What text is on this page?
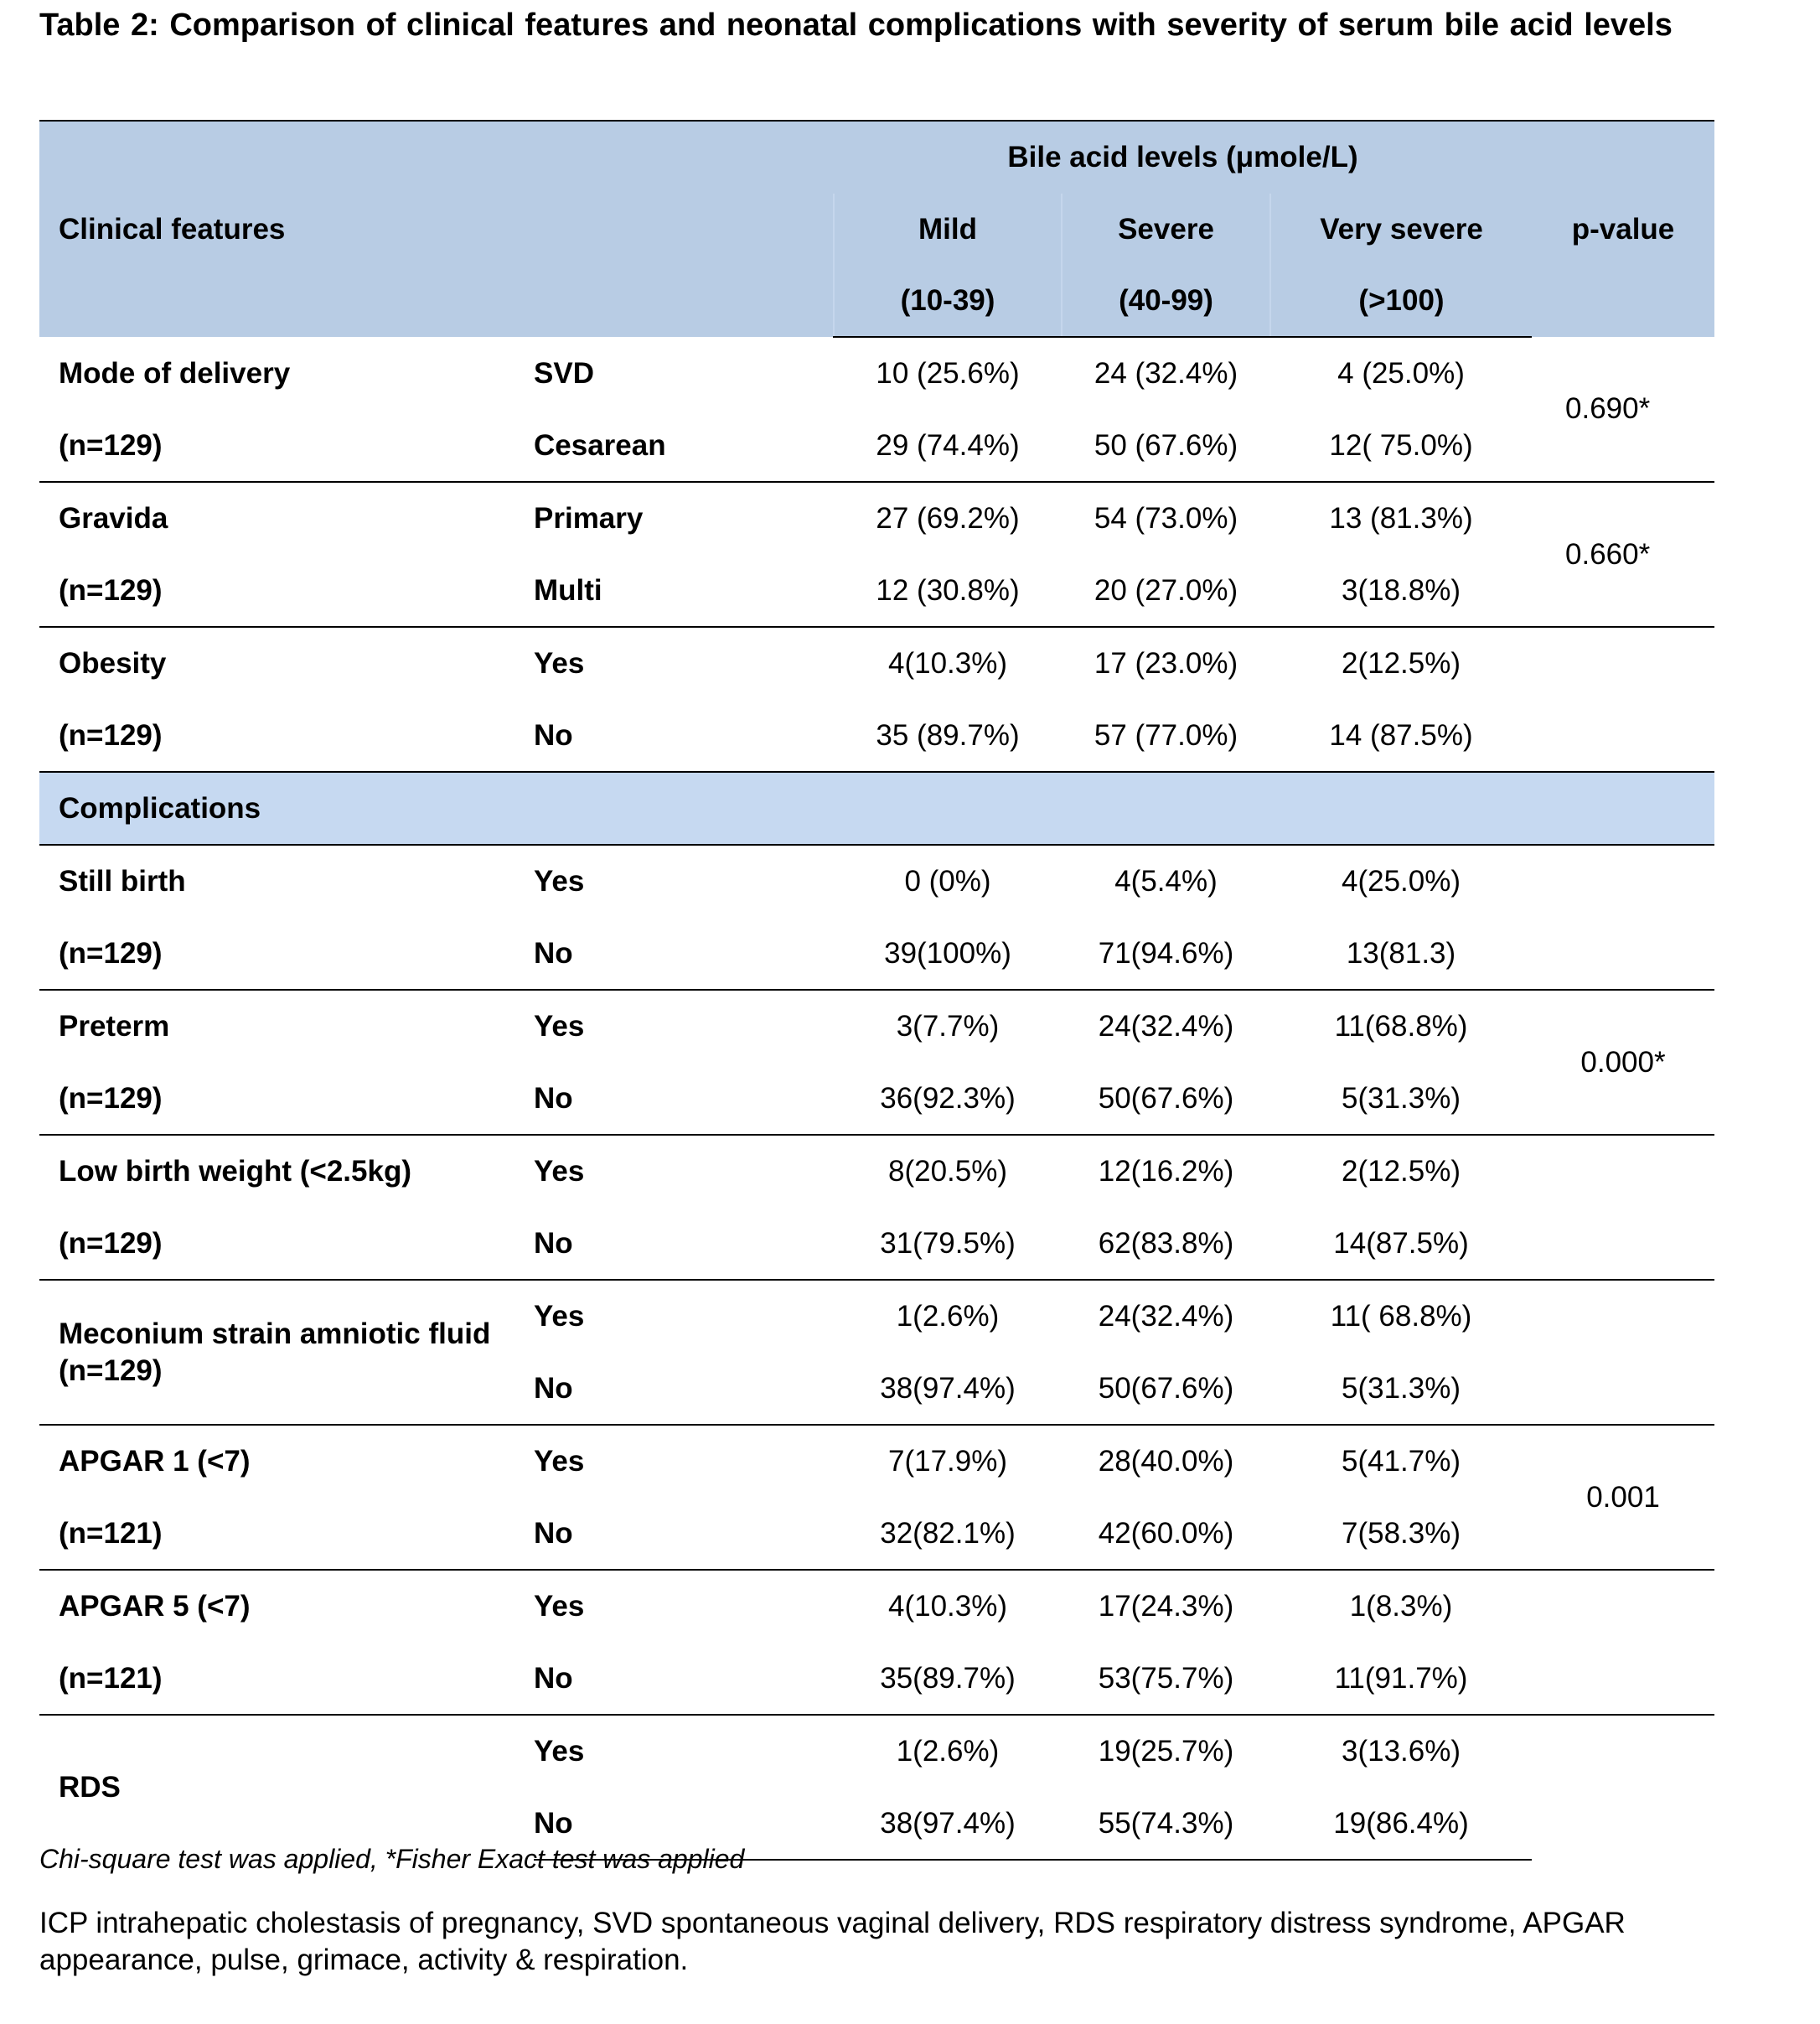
Table 2: Comparison of clinical features and neonatal complications with severity of serum bile acid levels
Clinical features		Bile acid levels (μmole/L)			p-value
		Mild	Severe	Very severe	
		(10-39)	(40-99)	(>100)	
Mode of delivery	SVD	10 (25.6%)	24 (32.4%)	4 (25.0%)	0.690*
(n=129)	Cesarean	29 (74.4%)	50 (67.6%)	12( 75.0%)	
Gravida	Primary	27 (69.2%)	54 (73.0%)	13 (81.3%)	0.660*
(n=129)	Multi	12 (30.8%)	20 (27.0%)	3(18.8%)	
Obesity	Yes	4(10.3%)	17 (23.0%)	2(12.5%)	
(n=129)	No	35 (89.7%)	57 (77.0%)	14 (87.5%)	
Complications					
Still birth	Yes	0 (0%)	4(5.4%)	4(25.0%)	
(n=129)	No	39(100%)	71(94.6%)	13(81.3)	
Preterm	Yes	3(7.7%)	24(32.4%)	11(68.8%)	0.000*
(n=129)	No	36(92.3%)	50(67.6%)	5(31.3%)	
Low birth weight (<2.5kg)	Yes	8(20.5%)	12(16.2%)	2(12.5%)	
(n=129)	No	31(79.5%)	62(83.8%)	14(87.5%)	

Meconium strain amniotic fluid
(n=129)	Yes	1(2.6%)	24(32.4%)	11( 68.8%)	
	No	38(97.4%)	50(67.6%)	5(31.3%)	
APGAR 1 (<7)	Yes	7(17.9%)	28(40.0%)	5(41.7%)	0.001
(n=121)	No	32(82.1%)	42(60.0%)	7(58.3%)	
APGAR 5 (<7)	Yes	4(10.3%)	17(24.3%)	1(8.3%)	
(n=121)	No	35(89.7%)	53(75.7%)	11(91.7%)	

RDS	Yes	1(2.6%)	19(25.7%)	3(13.6%)	
	No	38(97.4%)	55(74.3%)	19(86.4%)	
Chi-square test was applied, *Fisher Exact test was applied
ICP intrahepatic cholestasis of pregnancy, SVD spontaneous vaginal delivery, RDS respiratory distress syndrome, APGAR appearance, pulse, grimace, activity & respiration.
